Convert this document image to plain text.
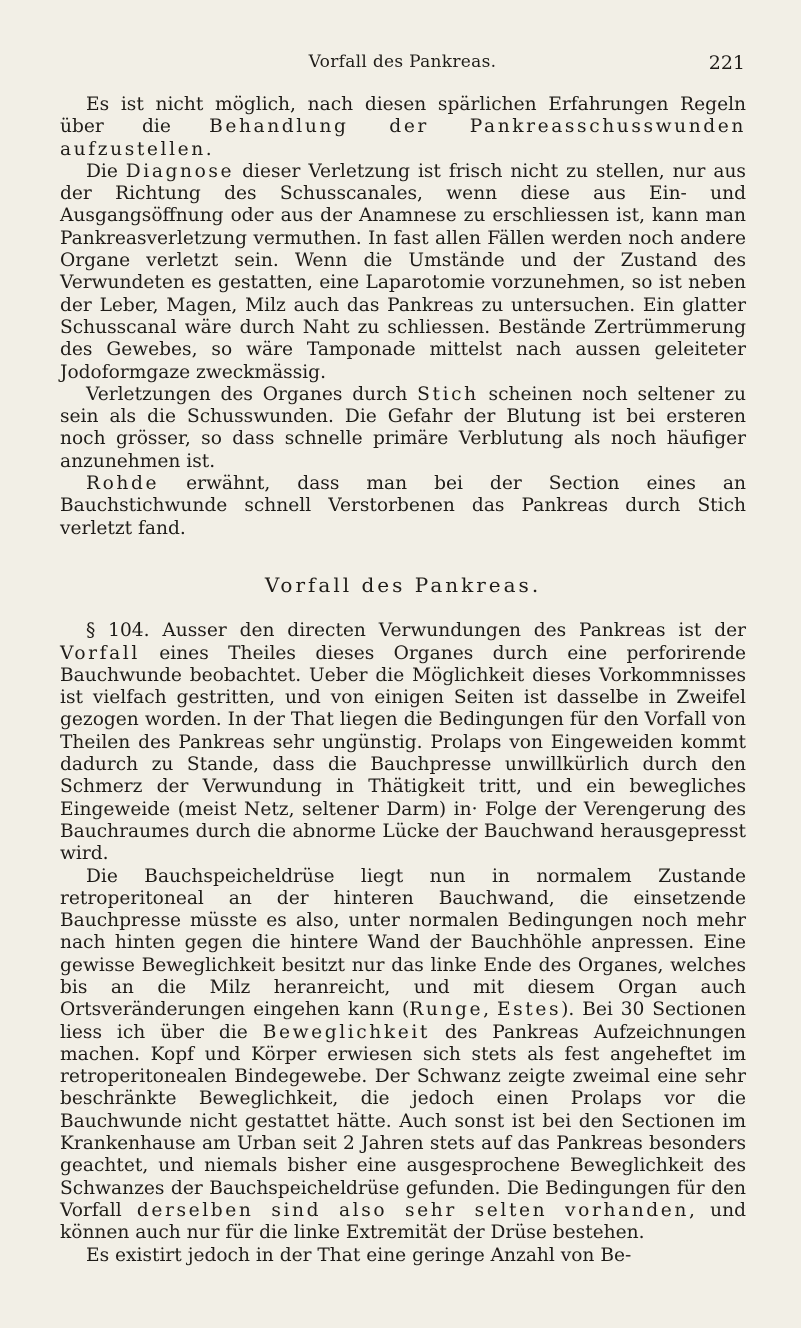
Vorfall des Pankreas.	221

Es ist nicht möglich, nach diesen spärlichen Erfahrungen Regeln über die Behandlung der Pankreasschusswunden aufzustellen.

Die Diagnose dieser Verletzung ist frisch nicht zu stellen, nur aus der Richtung des Schusscanales, wenn diese aus Ein- und Ausgangsöffnung oder aus der Anamnese zu erschliessen ist, kann man Pankreasverletzung vermuthen. In fast allen Fällen werden noch andere Organe verletzt sein. Wenn die Umstände und der Zustand des Verwundeten es gestatten, eine Laparotomie vorzunehmen, so ist neben der Leber, Magen, Milz auch das Pankreas zu untersuchen. Ein glatter Schusscanal wäre durch Naht zu schliessen. Bestände Zertrümmerung des Gewebes, so wäre Tamponade mittelst nach aussen geleiteter Jodoformgaze zweckmässig.

Verletzungen des Organes durch Stich scheinen noch seltener zu sein als die Schusswunden. Die Gefahr der Blutung ist bei ersteren noch grösser, so dass schnelle primäre Verblutung als noch häufiger anzunehmen ist.

Rohde erwähnt, dass man bei der Section eines an Bauchstichwunde schnell Verstorbenen das Pankreas durch Stich verletzt fand.

Vorfall des Pankreas.

§ 104. Ausser den directen Verwundungen des Pankreas ist der Vorfall eines Theiles dieses Organes durch eine perforirende Bauchwunde beobachtet. Ueber die Möglichkeit dieses Vorkommnisses ist vielfach gestritten, und von einigen Seiten ist dasselbe in Zweifel gezogen worden. In der That liegen die Bedingungen für den Vorfall von Theilen des Pankreas sehr ungünstig. Prolaps von Eingeweiden kommt dadurch zu Stande, dass die Bauchpresse unwillkürlich durch den Schmerz der Verwundung in Thätigkeit tritt, und ein bewegliches Eingeweide (meist Netz, seltener Darm) in· Folge der Verengerung des Bauchraumes durch die abnorme Lücke der Bauchwand herausgepresst wird.

Die Bauchspeicheldrüse liegt nun in normalem Zustande retroperitoneal an der hinteren Bauchwand, die einsetzende Bauchpresse müsste es also, unter normalen Bedingungen noch mehr nach hinten gegen die hintere Wand der Bauchhöhle anpressen. Eine gewisse Beweglichkeit besitzt nur das linke Ende des Organes, welches bis an die Milz heranreicht, und mit diesem Organ auch Ortsveränderungen eingehen kann (Runge, Estes). Bei 30 Sectionen liess ich über die Beweglichkeit des Pankreas Aufzeichnungen machen. Kopf und Körper erwiesen sich stets als fest angeheftet im retroperitonealen Bindegewebe. Der Schwanz zeigte zweimal eine sehr beschränkte Beweglichkeit, die jedoch einen Prolaps vor die Bauchwunde nicht gestattet hätte. Auch sonst ist bei den Sectionen im Krankenhause am Urban seit 2 Jahren stets auf das Pankreas besonders geachtet, und niemals bisher eine ausgesprochene Beweglichkeit des Schwanzes der Bauchspeicheldrüse gefunden. Die Bedingungen für den Vorfall derselben sind also sehr selten vorhanden, und können auch nur für die linke Extremität der Drüse bestehen.

Es existirt jedoch in der That eine geringe Anzahl von Be-
